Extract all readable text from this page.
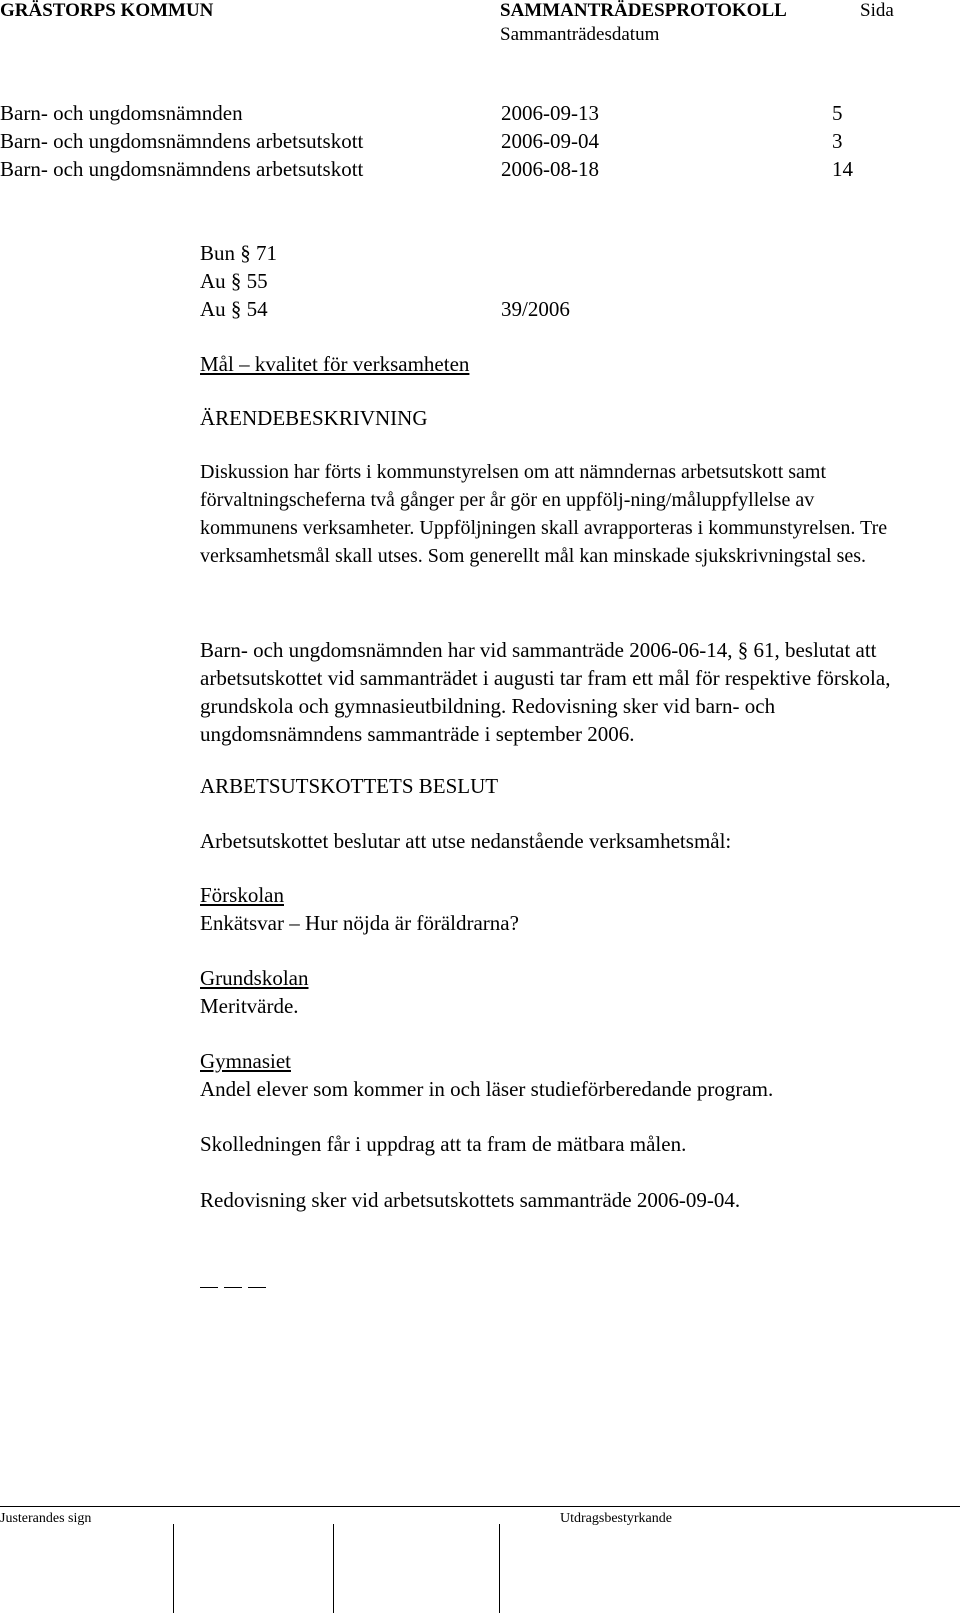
GRÄSTORPS KOMMUN	SAMMANTRÄDESPROTOKOLL	Sida
Sammanträdesdatum
Barn- och ungdomsnämnden	2006-09-13	5
Barn- och ungdomsnämndens arbetsutskott	2006-09-04	3
Barn- och ungdomsnämndens arbetsutskott	2006-08-18	14
Bun § 71
Au § 55
Au § 54	39/2006
Mål – kvalitet för verksamheten
ÄRENDEBESKRIVNING
Diskussion har förts i kommunstyrelsen om att nämndernas arbetsutskott samt förvaltningscheferna två gånger per år gör en uppfölj-ning/måluppfyllelse av kommunens verksamheter. Uppföljningen skall avrapporteras i kommunstyrelsen. Tre verksamhetsmål skall utses. Som generellt mål kan minskade sjukskrivningstal ses.
Barn- och ungdomsnämnden har vid sammanträde 2006-06-14, § 61, beslutat att arbetsutskottet vid sammanträdet i augusti tar fram ett mål för respektive förskola, grundskola och gymnasieutbildning. Redovisning sker vid barn- och ungdomsnämndens sammanträde i september 2006.
ARBETSUTSKOTTETS BESLUT
Arbetsutskottet beslutar att utse nedanstående verksamhetsmål:
Förskolan
Enkätsvar – Hur nöjda är föräldrarna?
Grundskolan
Meritvärde.
Gymnasiet
Andel elever som kommer in och läser studieförberedande program.
Skolledningen får i uppdrag att ta fram de mätbara målen.
Redovisning sker vid arbetsutskottets sammanträde 2006-09-04.
Justerandes sign	Utdragsbestyrkande
